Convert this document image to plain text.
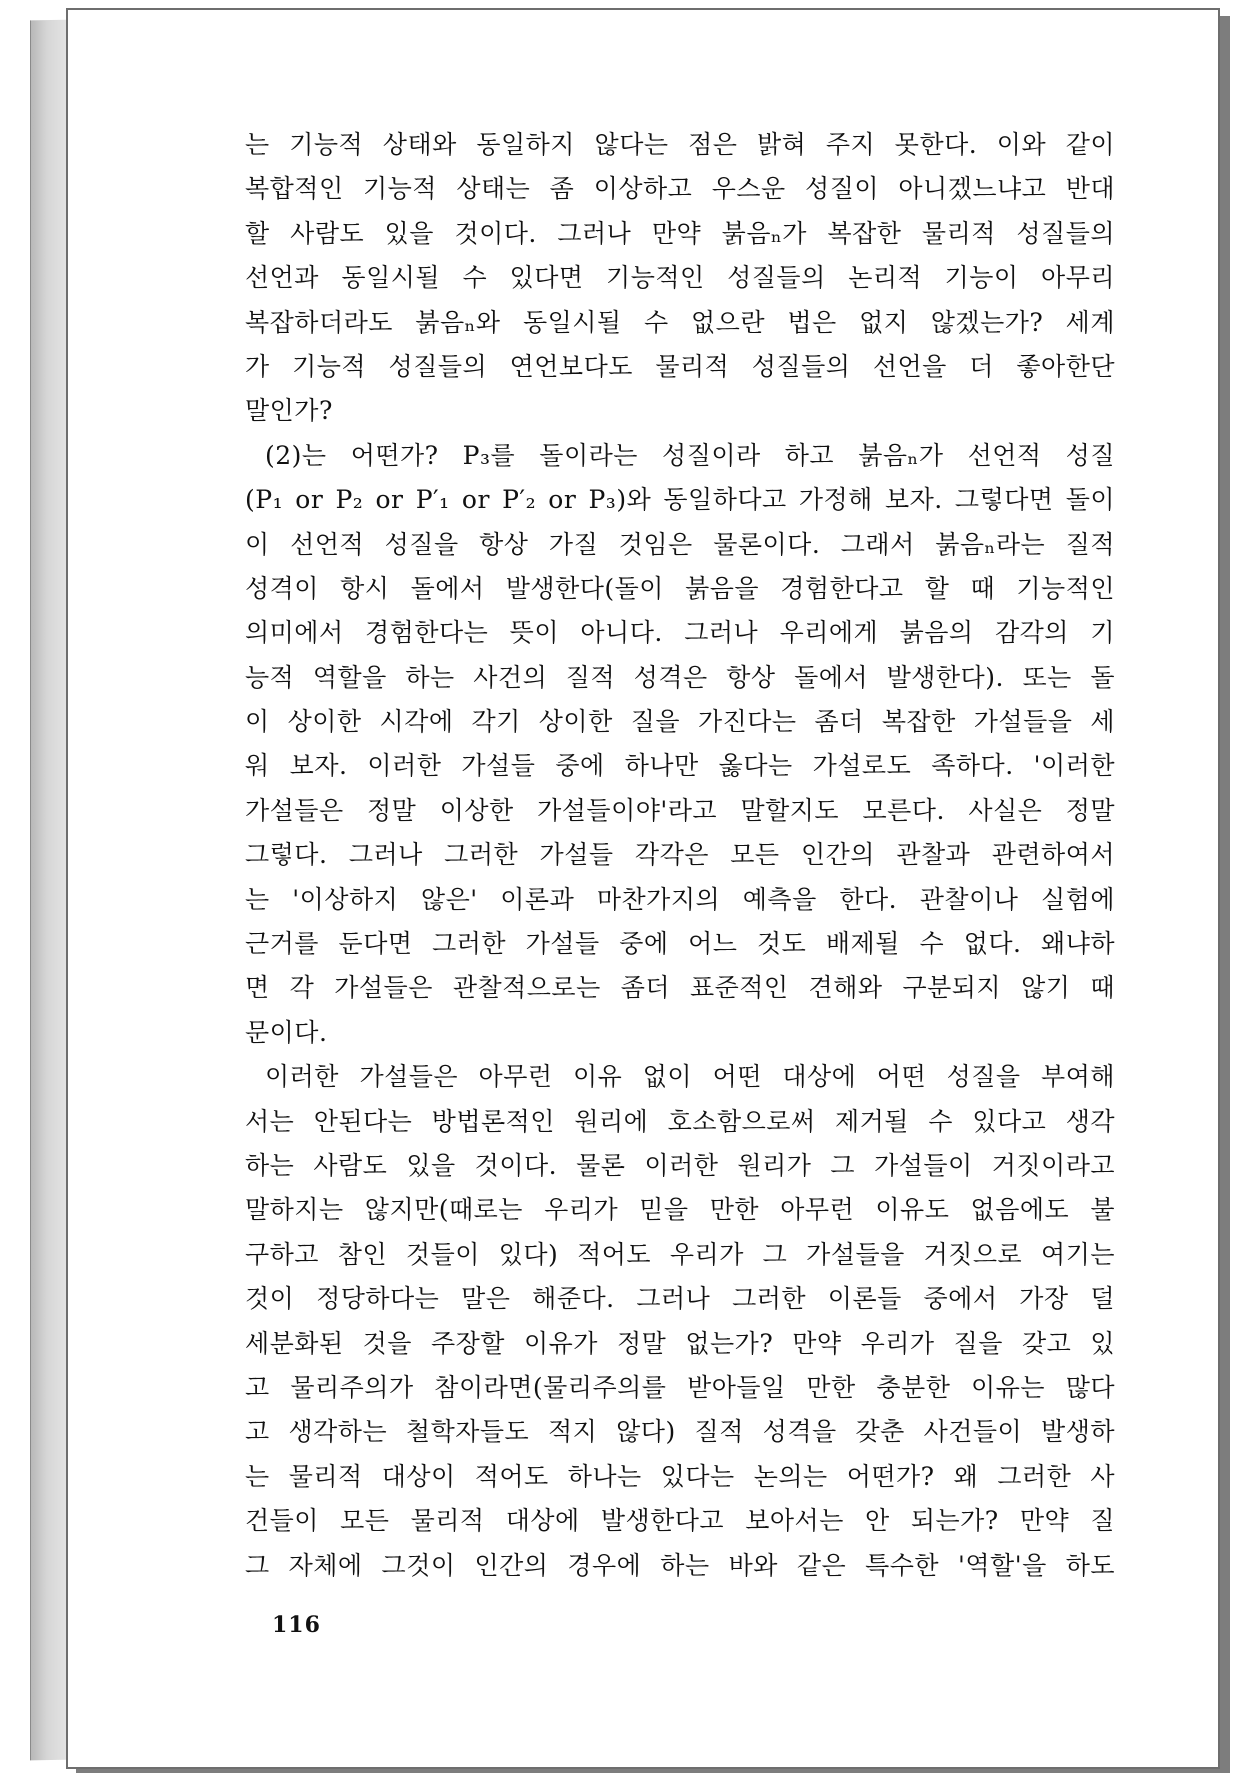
는 기능적 상태와 동일하지 않다는 점은 밝혀 주지 못한다. 이와 같이
복합적인 기능적 상태는 좀 이상하고 우스운 성질이 아니겠느냐고 반대
할 사람도 있을 것이다. 그러나 만약 붉음ₙ가 복잡한 물리적 성질들의
선언과 동일시될 수 있다면 기능적인 성질들의 논리적 기능이 아무리
복잡하더라도 붉음ₙ와 동일시될 수 없으란 법은 없지 않겠는가? 세계
가 기능적 성질들의 연언보다도 물리적 성질들의 선언을 더 좋아한단
말인가?
(2)는 어떤가? P₃를 돌이라는 성질이라 하고 붉음ₙ가 선언적 성질
(P₁ or P₂ or P′₁ or P′₂ or P₃)와 동일하다고 가정해 보자. 그렇다면 돌이
이 선언적 성질을 항상 가질 것임은 물론이다. 그래서 붉음ₙ라는 질적
성격이 항시 돌에서 발생한다(돌이 붉음을 경험한다고 할 때 기능적인
의미에서 경험한다는 뜻이 아니다. 그러나 우리에게 붉음의 감각의 기
능적 역할을 하는 사건의 질적 성격은 항상 돌에서 발생한다). 또는 돌
이 상이한 시각에 각기 상이한 질을 가진다는 좀더 복잡한 가설들을 세
워 보자. 이러한 가설들 중에 하나만 옳다는 가설로도 족하다. '이러한
가설들은 정말 이상한 가설들이야'라고 말할지도 모른다. 사실은 정말
그렇다. 그러나 그러한 가설들 각각은 모든 인간의 관찰과 관련하여서
는 '이상하지 않은' 이론과 마찬가지의 예측을 한다. 관찰이나 실험에
근거를 둔다면 그러한 가설들 중에 어느 것도 배제될 수 없다. 왜냐하
면 각 가설들은 관찰적으로는 좀더 표준적인 견해와 구분되지 않기 때
문이다.
이러한 가설들은 아무런 이유 없이 어떤 대상에 어떤 성질을 부여해
서는 안된다는 방법론적인 원리에 호소함으로써 제거될 수 있다고 생각
하는 사람도 있을 것이다. 물론 이러한 원리가 그 가설들이 거짓이라고
말하지는 않지만(때로는 우리가 믿을 만한 아무런 이유도 없음에도 불
구하고 참인 것들이 있다) 적어도 우리가 그 가설들을 거짓으로 여기는
것이 정당하다는 말은 해준다. 그러나 그러한 이론들 중에서 가장 덜
세분화된 것을 주장할 이유가 정말 없는가? 만약 우리가 질을 갖고 있
고 물리주의가 참이라면(물리주의를 받아들일 만한 충분한 이유는 많다
고 생각하는 철학자들도 적지 않다) 질적 성격을 갖춘 사건들이 발생하
는 물리적 대상이 적어도 하나는 있다는 논의는 어떤가? 왜 그러한 사
건들이 모든 물리적 대상에 발생한다고 보아서는 안 되는가? 만약 질
그 자체에 그것이 인간의 경우에 하는 바와 같은 특수한 '역할'을 하도
116
